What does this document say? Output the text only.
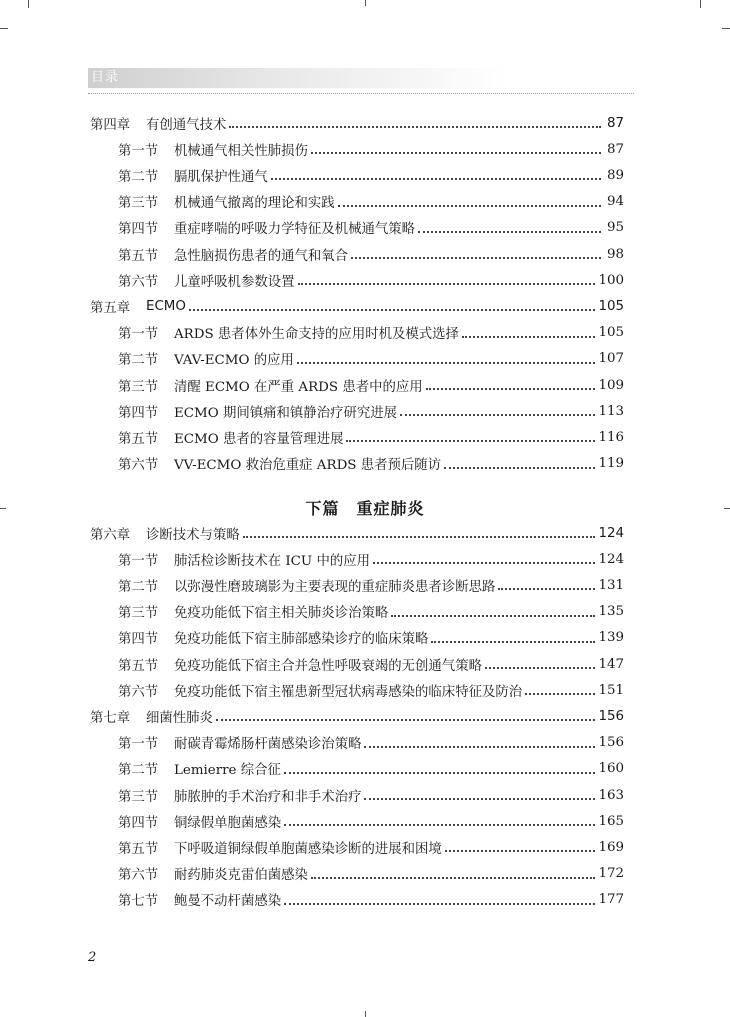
目录
第四章	有创通气技术	87
第一节	机械通气相关性肺损伤	87
第二节	膈肌保护性通气	89
第三节	机械通气撤离的理论和实践	94
第四节	重症哮喘的呼吸力学特征及机械通气策略	95
第五节	急性脑损伤患者的通气和氧合	98
第六节	儿童呼吸机参数设置	100
第五章	ECMO	105
第一节	ARDS 患者体外生命支持的应用时机及模式选择	105
第二节	VAV-ECMO 的应用	107
第三节	清醒 ECMO 在严重 ARDS 患者中的应用	109
第四节	ECMO 期间镇痛和镇静治疗研究进展	113
第五节	ECMO 患者的容量管理进展	116
第六节	VV-ECMO 救治危重症 ARDS 患者预后随访	119
第六章	诊断技术与策略	124
第一节	肺活检诊断技术在 ICU 中的应用	124
第二节	以弥漫性磨玻璃影为主要表现的重症肺炎患者诊断思路	131
第三节	免疫功能低下宿主相关肺炎诊治策略	135
第四节	免疫功能低下宿主肺部感染诊疗的临床策略	139
第五节	免疫功能低下宿主合并急性呼吸衰竭的无创通气策略	147
第六节	免疫功能低下宿主罹患新型冠状病毒感染的临床特征及防治	151
第七章	细菌性肺炎	156
第一节	耐碳青霉烯肠杆菌感染诊治策略	156
第二节	Lemierre 综合征	160
第三节	肺脓肿的手术治疗和非手术治疗	163
第四节	铜绿假单胞菌感染	165
第五节	下呼吸道铜绿假单胞菌感染诊断的进展和困境	169
第六节	耐药肺炎克雷伯菌感染	172
第七节	鲍曼不动杆菌感染	177
下篇　重症肺炎
2
